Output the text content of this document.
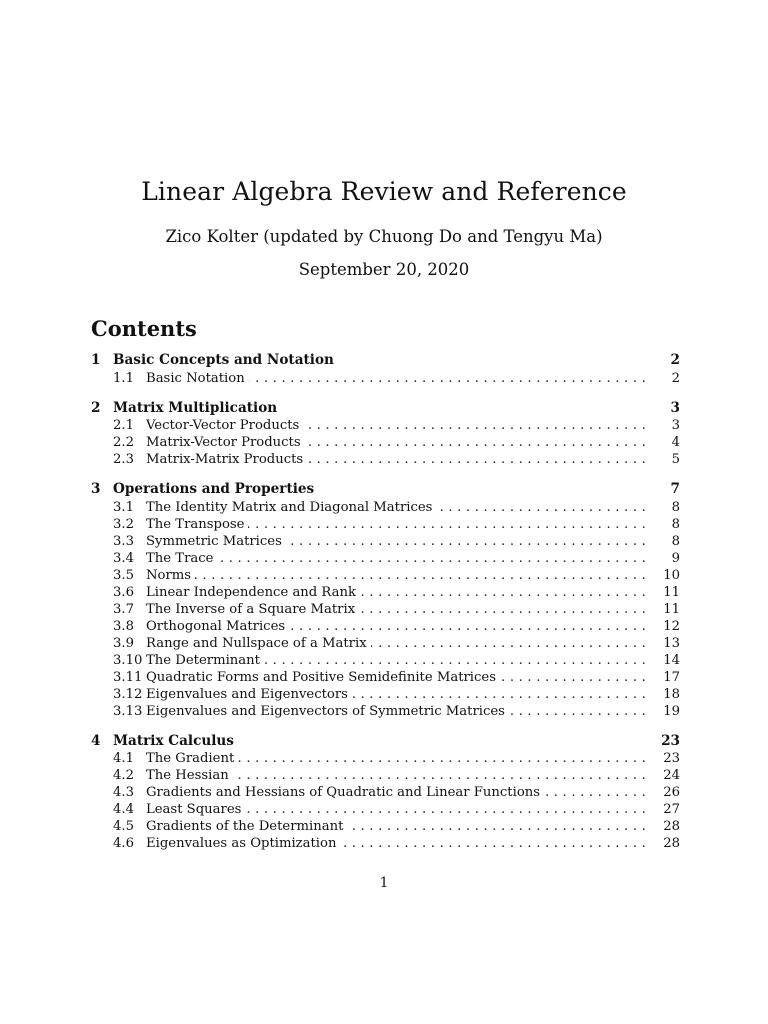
Linear Algebra Review and Reference
Zico Kolter (updated by Chuong Do and Tengyu Ma)
September 20, 2020
Contents
1 Basic Concepts and Notation	2
1.1 Basic Notation . . .	2
2 Matrix Multiplication	3
2.1 Vector-Vector Products . . .	3
2.2 Matrix-Vector Products . . .	4
2.3 Matrix-Matrix Products . . .	5
3 Operations and Properties	7
3.1 The Identity Matrix and Diagonal Matrices . . .	8
3.2 The Transpose . . .	8
3.3 Symmetric Matrices . . .	8
3.4 The Trace . . .	9
3.5 Norms . . .	10
3.6 Linear Independence and Rank . . .	11
3.7 The Inverse of a Square Matrix . . .	11
3.8 Orthogonal Matrices . . .	12
3.9 Range and Nullspace of a Matrix . . .	13
3.10 The Determinant . . .	14
3.11 Quadratic Forms and Positive Semidefinite Matrices . . .	17
3.12 Eigenvalues and Eigenvectors . . .	18
3.13 Eigenvalues and Eigenvectors of Symmetric Matrices . . .	19
4 Matrix Calculus	23
4.1 The Gradient . . .	23
4.2 The Hessian . . .	24
4.3 Gradients and Hessians of Quadratic and Linear Functions . . .	26
4.4 Least Squares . . .	27
4.5 Gradients of the Determinant . . .	28
4.6 Eigenvalues as Optimization . . .	28
1
